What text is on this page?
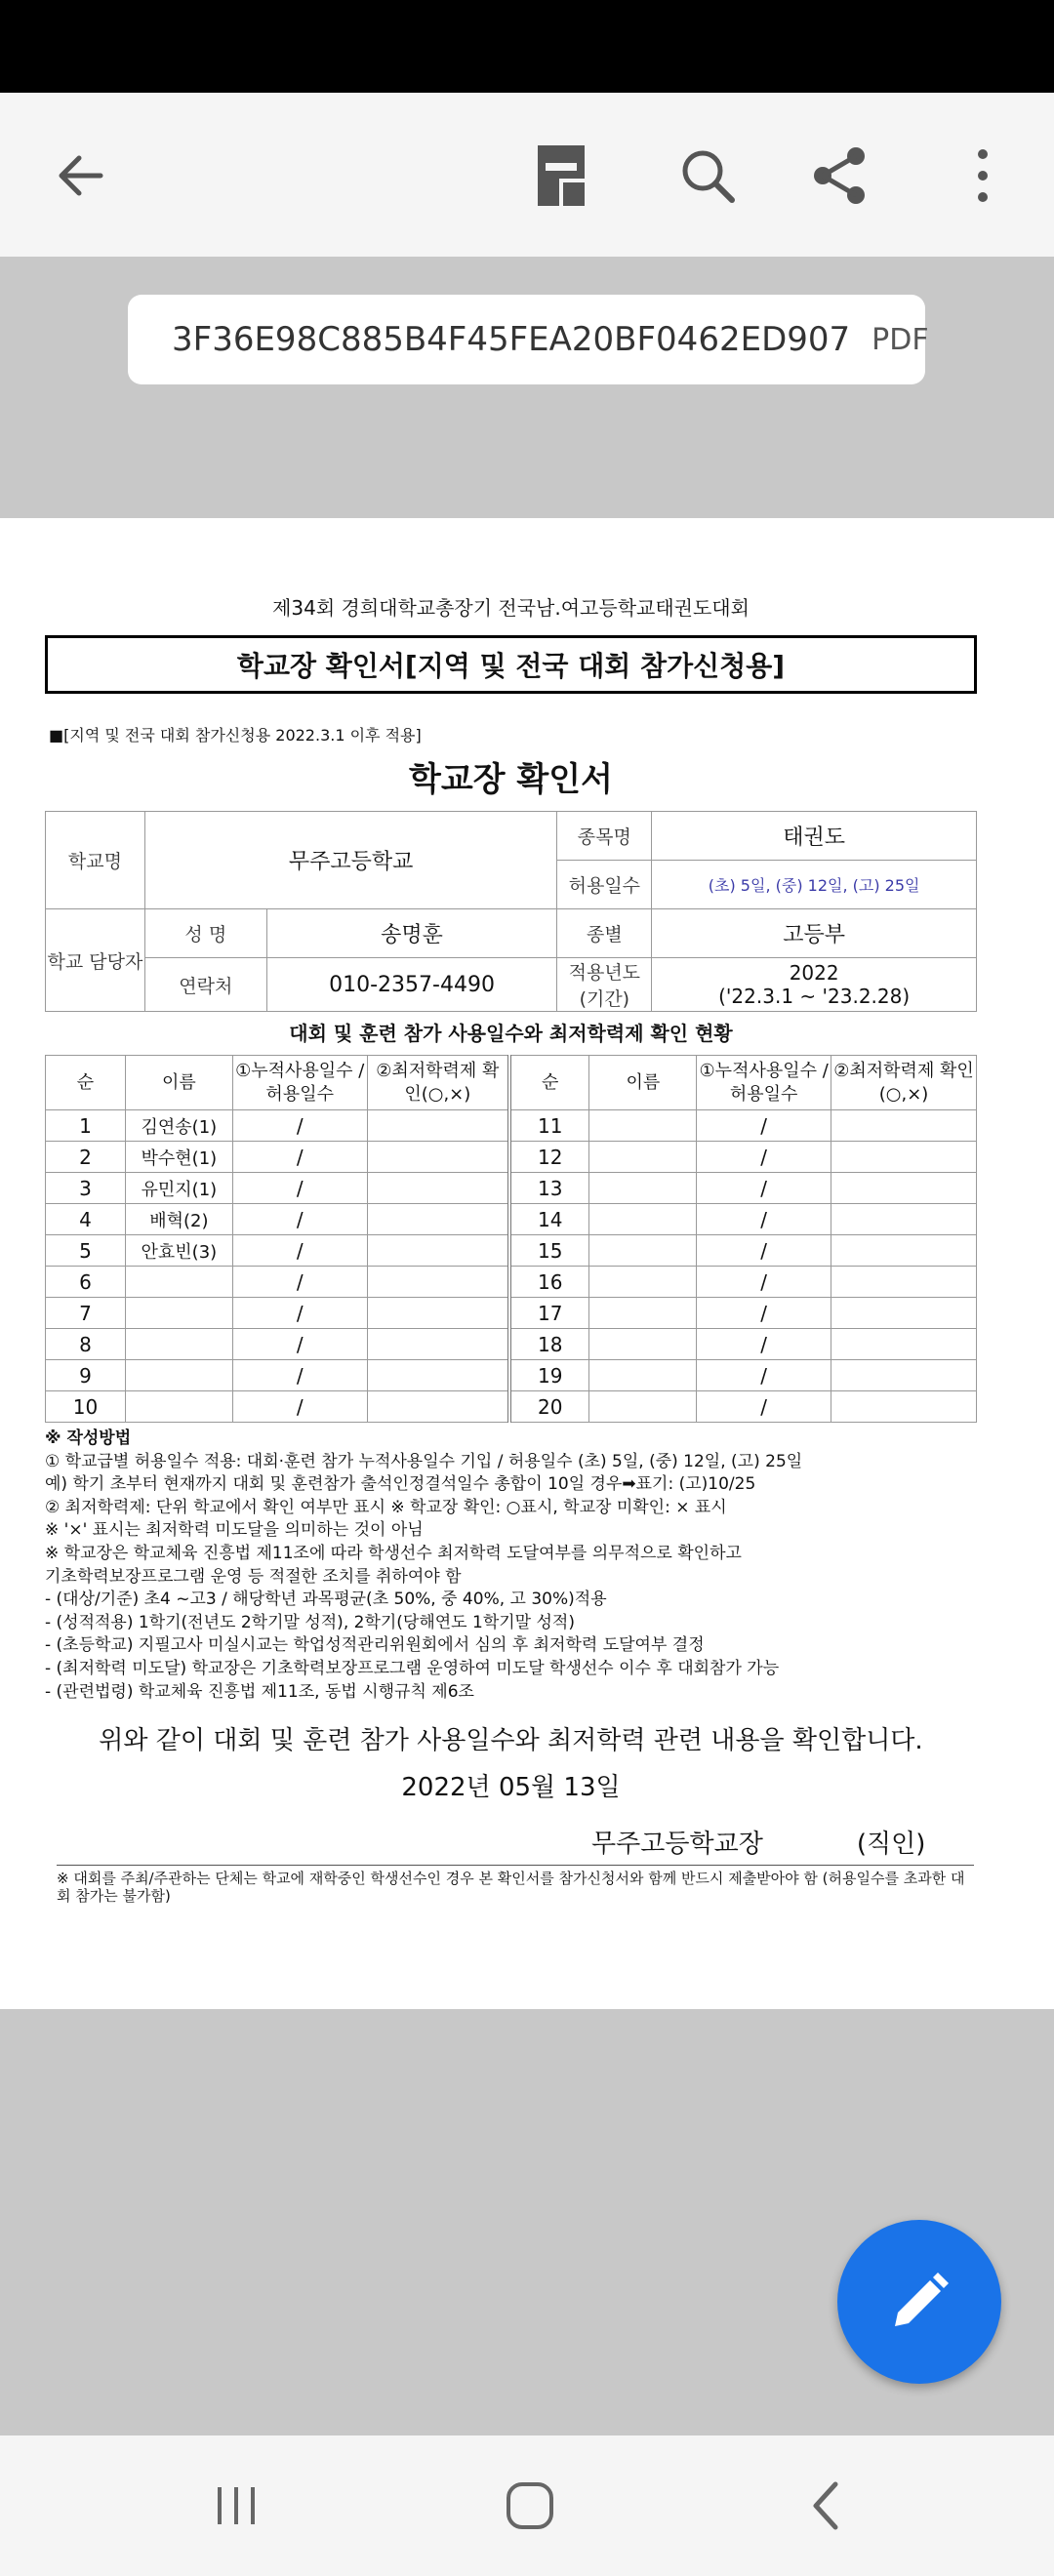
3F36E98C885B4F45FEA20BF0462ED907 PDF
제34회 경희대학교총장기 전국남.여고등학교태권도대회
학교장 확인서[지역 및 전국 대회 참가신청용]
■[지역 및 전국 대회 참가신청용 2022.3.1 이후 적용]
학교장 확인서
학교명	무주고등학교		종목명	태권도
			허용일수	(초) 5일, (중) 12일, (고) 25일
학교 담당자	성 명	송명훈	종별	고등부
	연락처	010-2357-4490	적용년도 (기간)	2022
('22.3.1 ~ '23.2.28)
대회 및 훈련 참가 사용일수와 최저학력제 확인 현황
순	이름	①누적사용일수 /허용일수	②최저학력제 확인(○,×)	순	이름	①누적사용일수 /허용일수	②최저학력제 확인(○,×)
1	김연송(1)	/		11		/	
2	박수현(1)	/		12		/	
3	유민지(1)	/		13		/	
4	배혁(2)	/		14		/	
5	안효빈(3)	/		15		/	
6		/		16		/	
7		/		17		/	
8		/		18		/	
9		/		19		/	
10		/		20		/	
※ 작성방법
① 학교급별 허용일수 적용: 대회·훈련 참가 누적사용일수 기입 / 허용일수 (초) 5일, (중) 12일, (고) 25일
예) 학기 초부터 현재까지 대회 및 훈련참가 출석인정결석일수 총합이 10일 경우➡표기: (고)10/25
② 최저학력제: 단위 학교에서 확인 여부만 표시 ※ 학교장 확인: ○표시, 학교장 미확인: × 표시
※ '×' 표시는 최저학력 미도달을 의미하는 것이 아님
※ 학교장은 학교체육 진흥법 제11조에 따라 학생선수 최저학력 도달여부를 의무적으로 확인하고
기초학력보장프로그램 운영 등 적절한 조치를 취하여야 함
- (대상/기준) 초4 ~고3 / 해당학년 과목평균(초 50%, 중 40%, 고 30%)적용
- (성적적용) 1학기(전년도 2학기말 성적), 2학기(당해연도 1학기말 성적)
- (초등학교) 지필고사 미실시교는 학업성적관리위원회에서 심의 후 최저학력 도달여부 결정
- (최저학력 미도달) 학교장은 기초학력보장프로그램 운영하여 미도달 학생선수 이수 후 대회참가 가능
- (관련법령) 학교체육 진흥법 제11조, 동법 시행규칙 제6조
위와 같이 대회 및 훈련 참가 사용일수와 최저학력 관련 내용을 확인합니다.
2022년 05월 13일
무주고등학교장	(직인)
※ 대회를 주최/주관하는 단체는 학교에 재학중인 학생선수인 경우 본 확인서를 참가신청서와 함께 반드시 제출받아야 함 (허용일수를 초과한 대회 참가는 불가함)
